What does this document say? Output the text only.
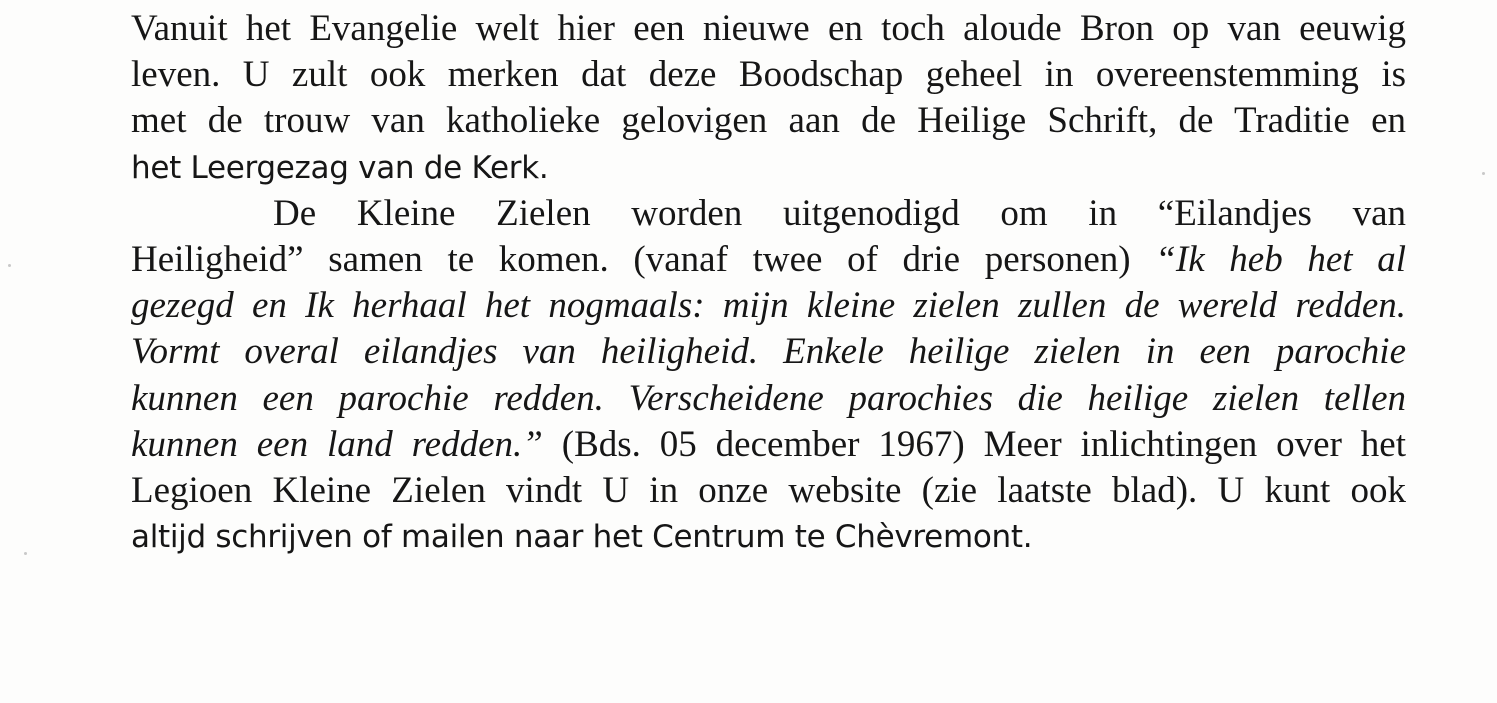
Vanuit het Evangelie welt hier een nieuwe en toch aloude Bron op van eeuwig
leven. U zult ook merken dat deze Boodschap geheel in overeenstemming is
met de trouw van katholieke gelovigen aan de Heilige Schrift, de Traditie en
het Leergezag van de Kerk.
De Kleine Zielen worden uitgenodigd om in “Eilandjes van
Heiligheid” samen te komen. (vanaf twee of drie personen) “Ik heb het al
gezegd en Ik herhaal het nogmaals: mijn kleine zielen zullen de wereld redden.
Vormt overal eilandjes van heiligheid. Enkele heilige zielen in een parochie
kunnen een parochie redden. Verscheidene parochies die heilige zielen tellen
kunnen een land redden.” (Bds. 05 december 1967) Meer inlichtingen over het
Legioen Kleine Zielen vindt U in onze website (zie laatste blad). U kunt ook
altijd schrijven of mailen naar het Centrum te Chèvremont.
